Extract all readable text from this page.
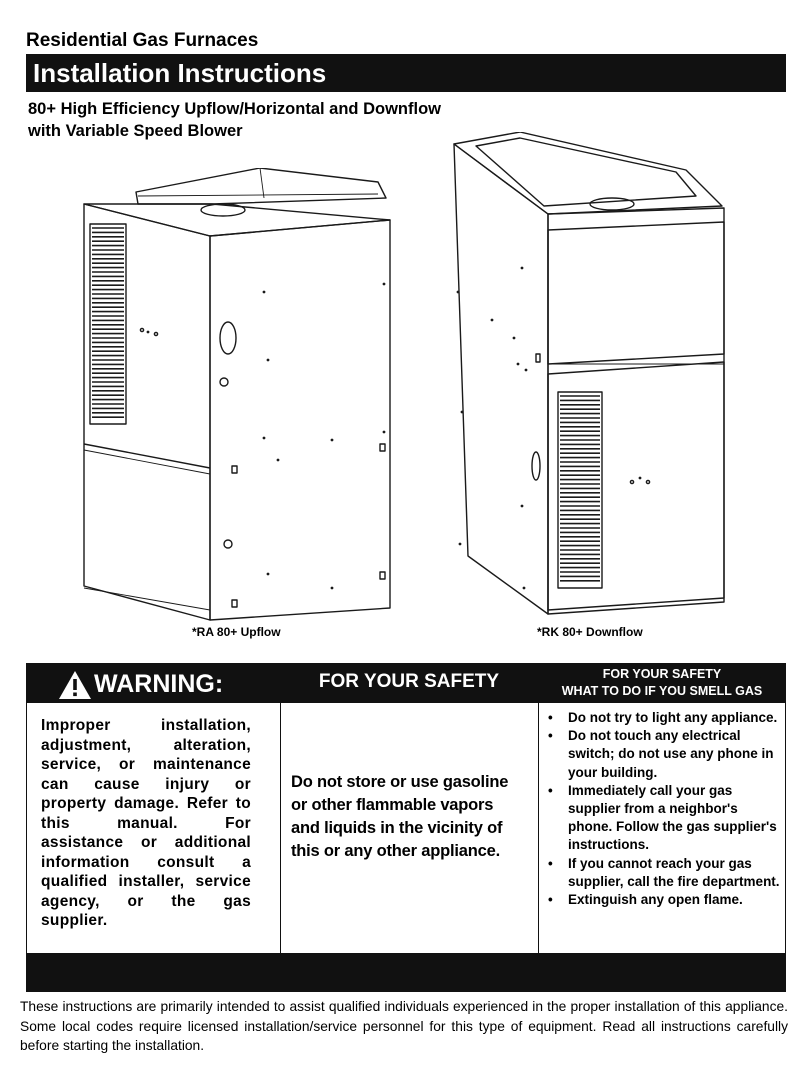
Residential Gas Furnaces
Installation Instructions
80+ High Efficiency Upflow/Horizontal and Downflow
with Variable Speed Blower
*RA 80+ Upflow	*RK 80+ Downflow
WARNING:	FOR YOUR SAFETY	FOR YOUR SAFETY
WHAT TO DO IF YOU SMELL GAS
Improper installation, adjustment, alteration, service, or maintenance can cause injury or property damage. Refer to this manual. For assistance or additional information consult a qualified installer, service agency, or the gas supplier.
Do not store or use gasoline or other flammable vapors and liquids in the vicinity of this or any other appliance.
• Do not try to light any appliance.
• Do not touch any electrical switch; do not use any phone in your building.
• Immediately call your gas supplier from a neighbor's phone. Follow the gas supplier's instructions.
• If you cannot reach your gas supplier, call the fire department.
• Extinguish any open flame.
These instructions are primarily intended to assist qualified individuals experienced in the proper installation of this appliance. Some local codes require licensed installation/service personnel for this type of equipment. Read all instructions carefully before starting the installation.
